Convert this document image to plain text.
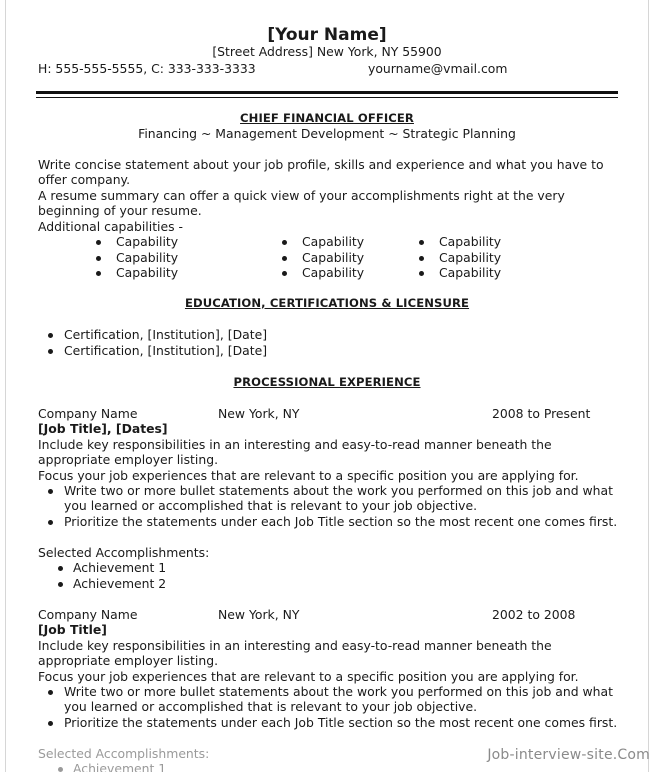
[Your Name]
[Street Address] New York, NY 55900
H: 555-555-5555, C: 333-333-3333	yourname@vmail.com
CHIEF FINANCIAL OFFICER
Financing ~ Management Development ~ Strategic Planning
Write concise statement about your job profile, skills and experience and what you have to
offer company.
A resume summary can offer a quick view of your accomplishments right at the very
beginning of your resume.
Additional capabilities -
Capability	Capability	Capability
Capability	Capability	Capability
Capability	Capability	Capability
EDUCATION, CERTIFICATIONS & LICENSURE
Certification, [Institution], [Date]
Certification, [Institution], [Date]
PROCESSIONAL EXPERIENCE
Company Name	New York, NY	2008 to Present
[Job Title], [Dates]
Include key responsibilities in an interesting and easy-to-read manner beneath the
appropriate employer listing.
Focus your job experiences that are relevant to a specific position you are applying for.
Write two or more bullet statements about the work you performed on this job and what
you learned or accomplished that is relevant to your job objective.
Prioritize the statements under each Job Title section so the most recent one comes first.
Selected Accomplishments:
Achievement 1
Achievement 2
Company Name	New York, NY	2002 to 2008
[Job Title]
Include key responsibilities in an interesting and easy-to-read manner beneath the
appropriate employer listing.
Focus your job experiences that are relevant to a specific position you are applying for.
Write two or more bullet statements about the work you performed on this job and what
you learned or accomplished that is relevant to your job objective.
Prioritize the statements under each Job Title section so the most recent one comes first.
Selected Accomplishments:
Achievement 1
Job-interview-site.Com
